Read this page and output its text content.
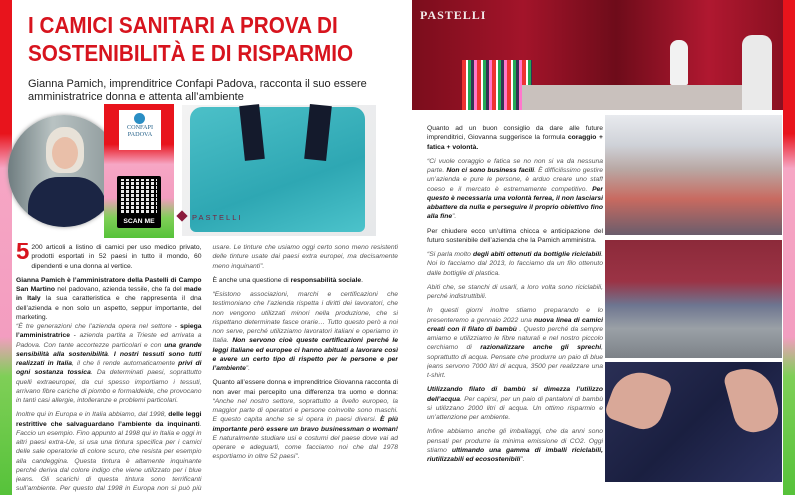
I CAMICI SANITARI A PROVA DI SOSTENIBILITÀ E DI RISPARMIO
Gianna Pamich, imprenditrice Confapi Padova, racconta il suo essere amministratrice donna e attenta all’ambiente
CONFAPI
PADOVA
SCAN ME	PASTELLI

5 200 articoli a listino di camici per uso medico privato, prodotti esportati in 52 paesi in tutto il mondo, 60 dipendenti e una donna al vertice.

Gianna Pamich è l’amministratore della Pastelli di Campo San Martino nel padovano, azienda tessile, che fa del made in Italy la sua caratteristica e che rappresenta il dna dell’azienda e non solo un aspetto, seppur importante, del marketing.

“È tre generazioni che l’azienda opera nel settore - spiega l’amministratrice - azienda partita a Trieste ed arrivata a Padova. Con tante accortezze particolari e con una grande sensibilità alla sostenibilità. I nostri tessuti sono tutti realizzati in Italia, il che li rende automaticamente privi di ogni sostanza tossica. Da determinati paesi, soprattutto quelli extraeuropei, da cui spesso importiamo i tessuti, arrivano fibre cariche di piombo e formaldeide, che provocano in tanti casi allergie, intolleranze e problemi particolari.

Inoltre qui in Europa e in Italia abbiamo, dal 1998, delle leggi restrittive che salvaguardano l’ambiente da inquinanti. Faccio un esempio. Fino appunto al 1998 qui in Italia e oggi in altri paesi extra-Ue, si usa una tintura specifica per i camici delle sale operatorie di colore scuro, che resista per esempio alla candeggina. Questa tintura è altamente inquinante perché deriva dal colore indigo che viene utilizzato per i blue jeans. Gli scarichi di questa tintura sono terrificanti sull’ambiente. Per questo dal 1998 in Europa non si può più usare. Le tinture che usiamo oggi certo sono meno resistenti delle tinture usate dai paesi extra europei, ma decisamente meno inquinanti”.

È anche una questione di responsabilità sociale.

“Esistono associazioni, marchi e certificazioni che testimoniano che l’azienda rispetta i diritti dei lavoratori, che non vengono utilizzati minori nella produzione, che si rispettano determinate fasce orarie… Tutto questo però a noi non serve, perché utilizziamo lavoratori italiani e operiamo in Italia. Non servono cioè queste certificazioni perché le leggi italiane ed europee ci hanno abituati a lavorare così e avere un certo tipo di rispetto per le persone e per l’ambiente”.

Quanto all’essere donna e imprenditrice Giovanna racconta di non aver mai percepito una differenza tra uomo e donna: “Anche nel nostro settore, soprattutto a livello europeo, la maggior parte di operatori e persone coinvolte sono maschi. E questo capita anche se si opera in paesi diversi. È più importante però essere un bravo businessman o woman! E naturalmente studiare usi e costumi del paese dove vai ad operare e adeguarti, come facciamo noi che dal 1978 esportiamo in oltre 52 paesi”.

PASTELLI

Quanto ad un buon consiglio da dare alle future imprenditrici, Giovanna suggerisce la formula coraggio + fatica + volontà.

“Ci vuole coraggio e fatica se no non si va da nessuna parte. Non ci sono business facili. È difficilissimo gestire un’azienda e pure le persone, è arduo creare uno staff coeso e il mercato è estremamente competitivo. Per questo è necessaria una volontà ferrea, il non lasciarsi abbattere da nulla e perseguire il proprio obiettivo fino alla fine”.

Per chiudere ecco un’ultima chicca e anticipazione del futuro sostenibile dell’azienda che la Pamich amministra.

“Si parla molto degli abiti ottenuti da bottiglie riciclabili. Noi lo facciamo dal 2013, lo facciamo da un filo ottenuto dalle bottiglie di plastica.

Abiti che, se stanchi di usarli, a loro volta sono riciclabili, perché indistruttibili.

In questi giorni inoltre stiamo preparando e lo presenteremo a gennaio 2022 una nuova linea di camici creati con il filato di bambù . Questo perché da sempre amiamo e utilizziamo le fibre naturali e nel nostro piccolo cerchiamo di razionalizzare anche gli sprechi, soprattutto di acqua. Pensate che produrre un paio di blue jeans servono 7000 litri di acqua, 3500 per realizzare una t-shirt.

Utilizzando filato di bambù si dimezza l’utilizzo dell’acqua. Per capirsi, per un paio di pantaloni di bambù si utilizzano 2000 litri di acqua. Un ottimo risparmio e un’attenzione per ambiente.

Infine abbiamo anche gli imballaggi, che da anni sono pensati per produrre la minima emissione di CO2. Oggi stiamo ultimando una gamma di imballi riciclabili, riutilizzabili ed ecosostenibili”.
